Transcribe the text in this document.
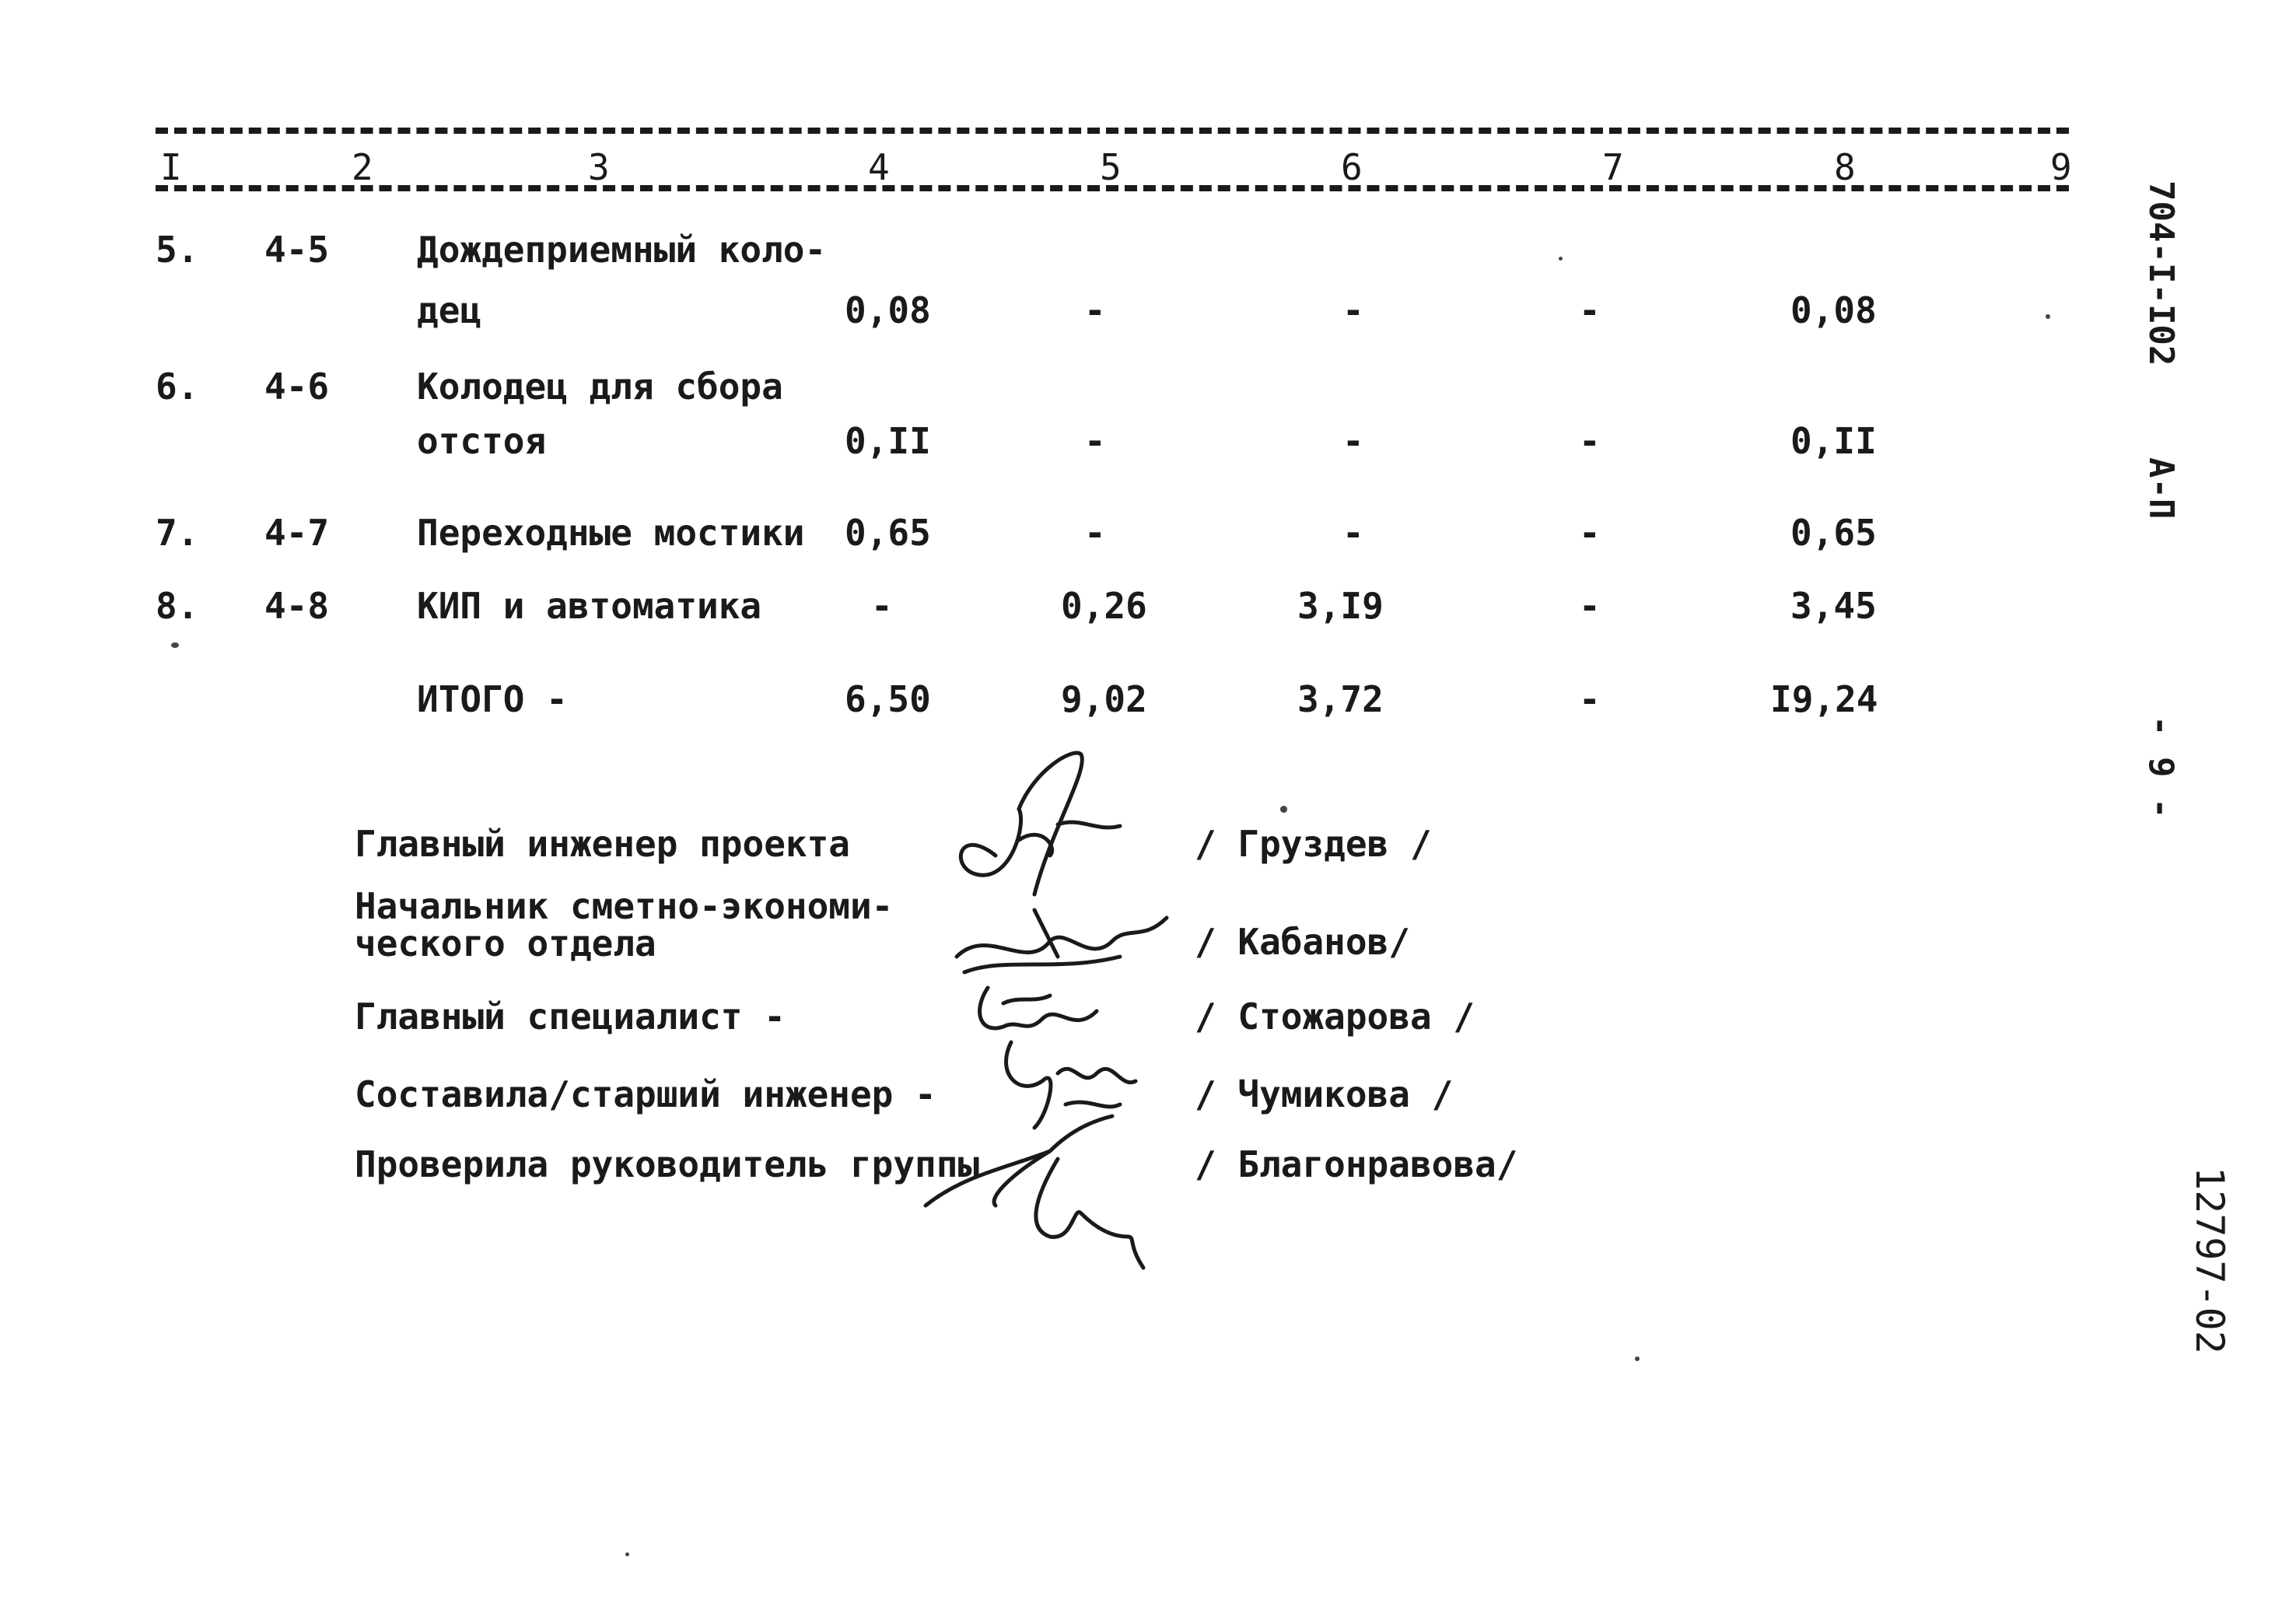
I	2	3	4	5	6	7	8	9
5. 4-5 Дождеприемный коло-
дец	0,08	-	-	-	0,08
6. 4-6 Колодец для сбора
отстоя	0,II	-	-	-	0,II
7. 4-7 Переходные мостики 0,65	-	-	-	0,65
8. 4-8 КИП и автоматика	-	0,26	3,I9	-	3,45
ИТОГО -	6,50	9,02	3,72	-	I9,24
Главный инженер проекта	/ Груздев /
Начальник сметно-экономи-
ческого отдела	/ Кабанов/
Главный специалист -	/ Стожарова /
Составила/старший инженер -	/ Чумикова /
Проверила руководитель группы	/ Благонравова/
704-I-I02
А-П
- 9 -
12797-02
